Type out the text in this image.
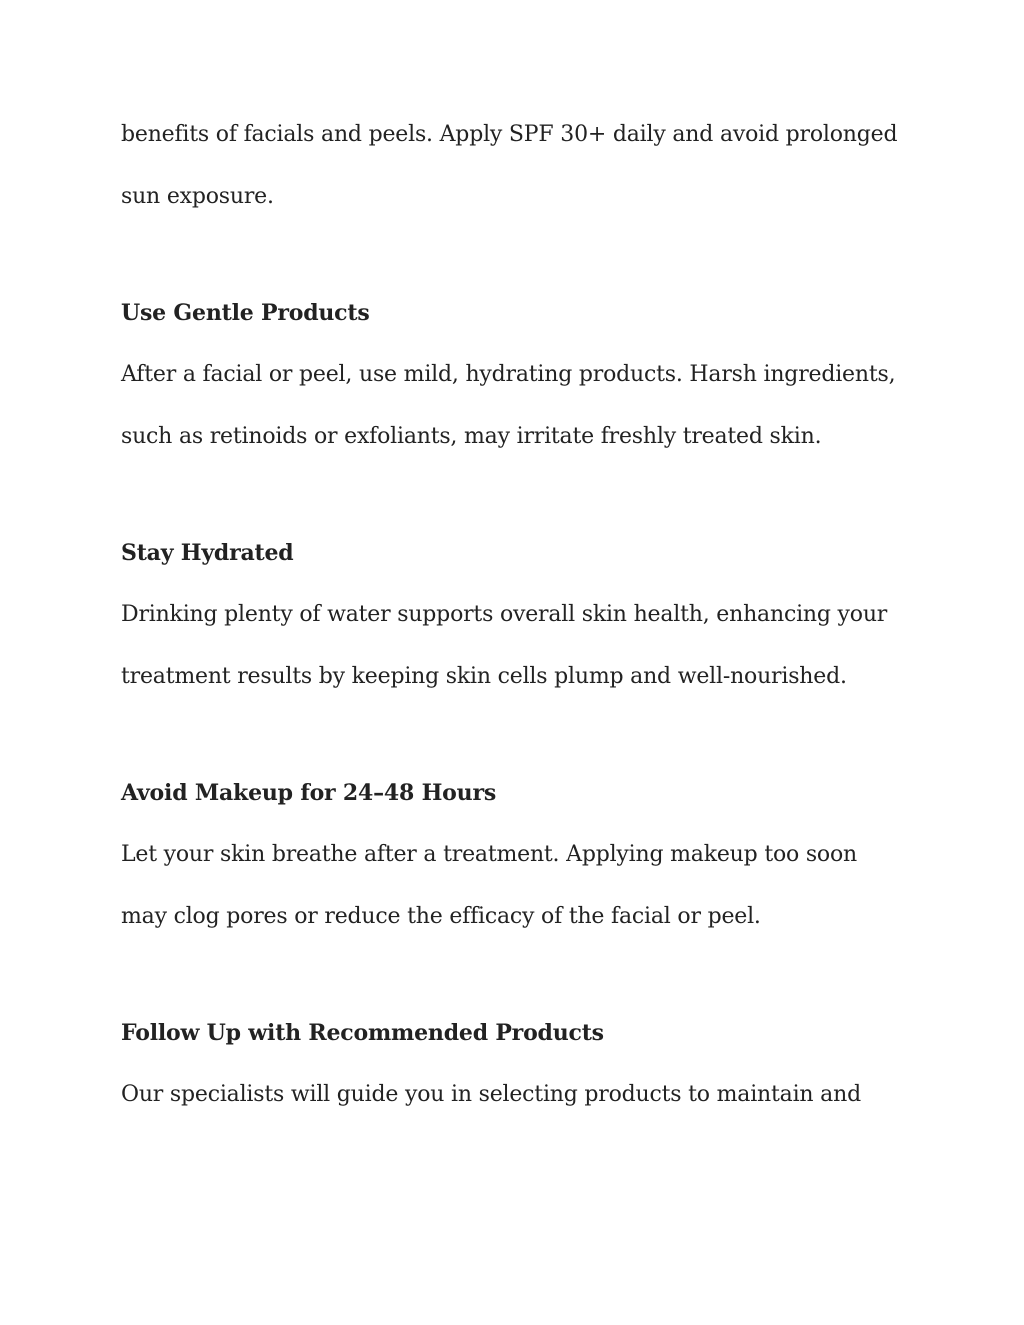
benefits of facials and peels. Apply SPF 30+ daily and avoid prolonged
sun exposure.
Use Gentle Products
After a facial or peel, use mild, hydrating products. Harsh ingredients,
such as retinoids or exfoliants, may irritate freshly treated skin.
Stay Hydrated
Drinking plenty of water supports overall skin health, enhancing your
treatment results by keeping skin cells plump and well-nourished.
Avoid Makeup for 24–48 Hours
Let your skin breathe after a treatment. Applying makeup too soon
may clog pores or reduce the efficacy of the facial or peel.
Follow Up with Recommended Products
Our specialists will guide you in selecting products to maintain and
